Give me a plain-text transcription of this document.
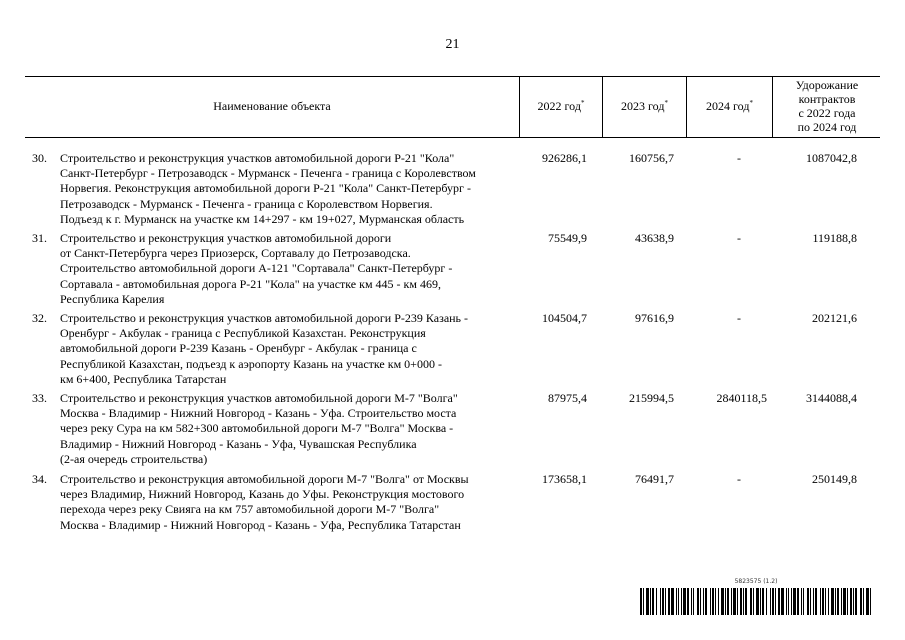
21
Наименование объекта	2022 год*	2023 год*	2024 год*
Удорожание
контрактов
с 2022 года
по 2024 год
30.	Строительство и реконструкция участков автомобильной дороги Р-21 "Кола"
Санкт-Петербург - Петрозаводск - Мурманск - Печенга - граница с Королевством
Норвегия. Реконструкция автомобильной дороги Р-21 "Кола" Санкт-Петербург -
Петрозаводск - Мурманск - Печенга - граница с Королевством Норвегия.
Подъезд к г. Мурманск на участке км 14+297 - км 19+027, Мурманская область
926286,1	160756,7	-	1087042,8
31.	Строительство и реконструкция участков автомобильной дороги
от Санкт-Петербурга через Приозерск, Сортавалу до Петрозаводска.
Строительство автомобильной дороги А-121 "Сортавала" Санкт-Петербург -
Сортавала - автомобильная дорога Р-21 "Кола" на участке км 445 - км 469,
Республика Карелия
75549,9	43638,9	-	119188,8
32.	Строительство и реконструкция участков автомобильной дороги Р-239 Казань -
Оренбург - Акбулак - граница с Республикой Казахстан. Реконструкция
автомобильной дороги Р-239 Казань - Оренбург - Акбулак - граница с
Республикой Казахстан, подъезд к аэропорту Казань на участке км 0+000 -
км 6+400, Республика Татарстан
104504,7	97616,9	-	202121,6
33.	Строительство и реконструкция участков автомобильной дороги М-7 "Волга"
Москва - Владимир - Нижний Новгород - Казань - Уфа. Строительство моста
через реку Сура на км 582+300 автомобильной дороги М-7 "Волга" Москва -
Владимир - Нижний Новгород - Казань - Уфа, Чувашская Республика
(2-ая очередь строительства)
87975,4	215994,5	2840118,5	3144088,4
34.	Строительство и реконструкция автомобильной дороги М-7 "Волга" от Москвы
через Владимир, Нижний Новгород, Казань до Уфы. Реконструкция мостового
перехода через реку Свияга на км 757 автомобильной дороги М-7 "Волга"
Москва - Владимир - Нижний Новгород - Казань - Уфа, Республика Татарстан
173658,1	76491,7	-	250149,8
5823575 (1.2)
